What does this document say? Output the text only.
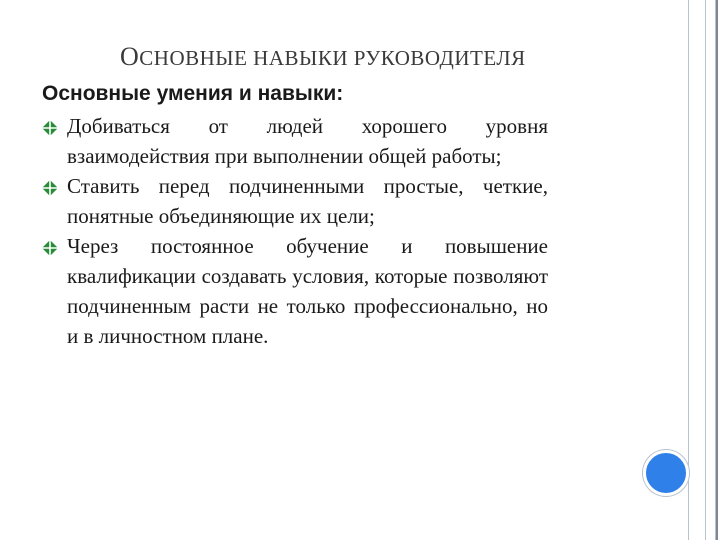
ОСНОВНЫЕ НАВЫКИ РУКОВОДИТЕЛЯ
Основные умения и навыки:
Добиваться от людей хорошего уровня взаимодействия при выполнении общей работы;
Ставить перед подчиненными простые, четкие, понятные объединяющие их цели;
Через постоянное обучение и повышение квалификации создавать условия, которые позволяют подчиненным расти не только профессионально, но и в личностном плане.
